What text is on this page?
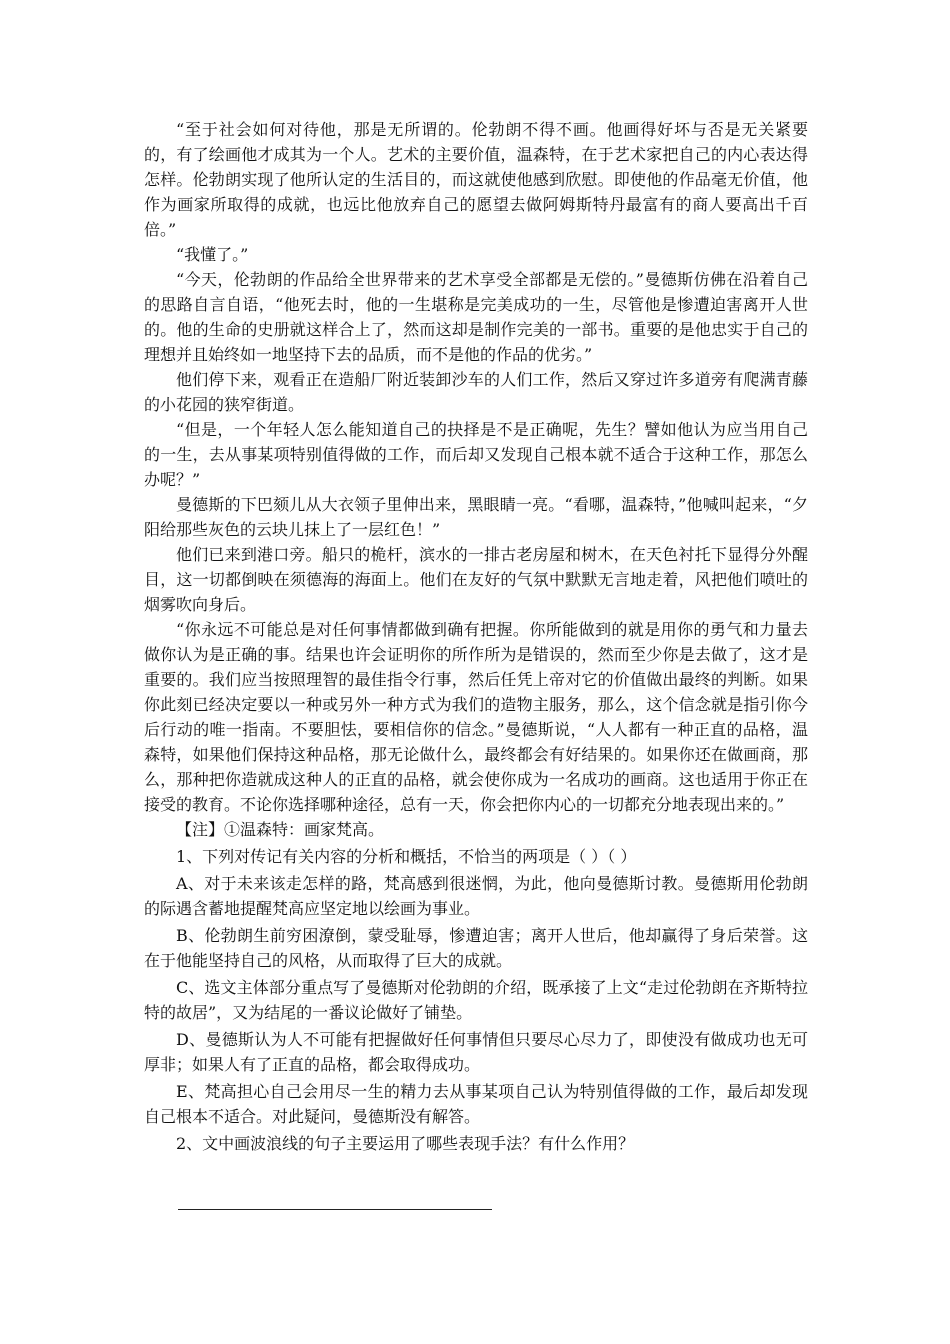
“至于社会如何对待他，那是无所谓的。伦勃朗不得不画。他画得好坏与否是无关紧要的，有了绘画他才成其为一个人。艺术的主要价值，温森特，在于艺术家把自己的内心表达得怎样。伦勃朗实现了他所认定的生活目的，而这就使他感到欣慰。即使他的作品毫无价值，他作为画家所取得的成就，也远比他放弃自己的愿望去做阿姆斯特丹最富有的商人要高出千百倍。”

“我懂了。”

“今天，伦勃朗的作品给全世界带来的艺术享受全部都是无偿的。”曼德斯仿佛在沿着自己的思路自言自语，“他死去时，他的一生堪称是完美成功的一生，尽管他是惨遭迫害离开人世的。他的生命的史册就这样合上了，然而这却是制作完美的一部书。重要的是他忠实于自己的理想并且始终如一地坚持下去的品质，而不是他的作品的优劣。”

他们停下来，观看正在造船厂附近装卸沙车的人们工作，然后又穿过许多道旁有爬满青藤的小花园的狭窄街道。

“但是，一个年轻人怎么能知道自己的抉择是不是正确呢，先生？譬如他认为应当用自己的一生，去从事某项特别值得做的工作，而后却又发现自己根本就不适合于这种工作，那怎么办呢？”

曼德斯的下巴颏儿从大衣领子里伸出来，黑眼睛一亮。“看哪，温森特，”他喊叫起来，“夕阳给那些灰色的云块儿抹上了一层红色！”

他们已来到港口旁。船只的桅杆，滨水的一排古老房屋和树木，在天色衬托下显得分外醒目，这一切都倒映在须德海的海面上。他们在友好的气氛中默默无言地走着，风把他们喷吐的烟雾吹向身后。

“你永远不可能总是对任何事情都做到确有把握。你所能做到的就是用你的勇气和力量去做你认为是正确的事。结果也许会证明你的所作所为是错误的，然而至少你是去做了，这才是重要的。我们应当按照理智的最佳指令行事，然后任凭上帝对它的价值做出最终的判断。如果你此刻已经决定要以一种或另外一种方式为我们的造物主服务，那么，这个信念就是指引你今后行动的唯一指南。不要胆怯，要相信你的信念。”曼德斯说，“人人都有一种正直的品格，温森特，如果他们保持这种品格，那无论做什么，最终都会有好结果的。如果你还在做画商，那么，那种把你造就成这种人的正直的品格，就会使你成为一名成功的画商。这也适用于你正在接受的教育。不论你选择哪种途径，总有一天，你会把你内心的一切都充分地表现出来的。”

【注】①温森特：画家梵高。

1、下列对传记有关内容的分析和概括，不恰当的两项是（ ）（ ）

A、对于未来该走怎样的路，梵高感到很迷惘，为此，他向曼德斯讨教。曼德斯用伦勃朗的际遇含蓄地提醒梵高应坚定地以绘画为事业。

B、伦勃朗生前穷困潦倒，蒙受耻辱，惨遭迫害；离开人世后，他却赢得了身后荣誉。这在于他能坚持自己的风格，从而取得了巨大的成就。

C、选文主体部分重点写了曼德斯对伦勃朗的介绍，既承接了上文“走过伦勃朗在齐斯特拉特的故居”，又为结尾的一番议论做好了铺垫。

D、曼德斯认为人不可能有把握做好任何事情但只要尽心尽力了，即使没有做成功也无可厚非；如果人有了正直的品格，都会取得成功。

E、梵高担心自己会用尽一生的精力去从事某项自己认为特别值得做的工作，最后却发现自己根本不适合。对此疑问，曼德斯没有解答。

2、文中画波浪线的句子主要运用了哪些表现手法？有什么作用？
